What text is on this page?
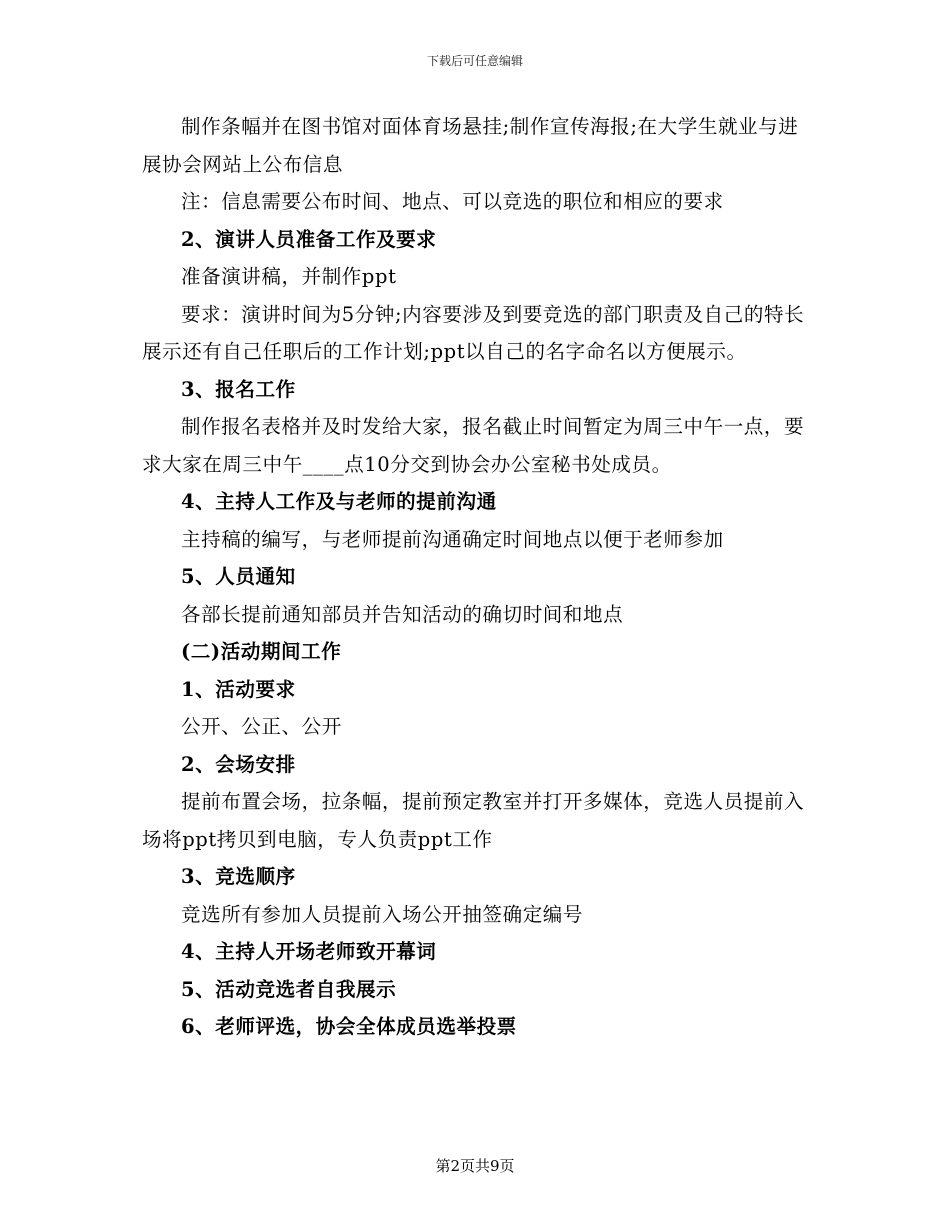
下载后可任意编辑

制作条幅并在图书馆对面体育场悬挂;制作宣传海报;在大学生就业与进展协会网站上公布信息

注：信息需要公布时间、地点、可以竞选的职位和相应的要求

2、演讲人员准备工作及要求

准备演讲稿，并制作ppt

要求：演讲时间为5分钟;内容要涉及到要竞选的部门职责及自己的特长展示还有自己任职后的工作计划;ppt以自己的名字命名以方便展示。

3、报名工作

制作报名表格并及时发给大家，报名截止时间暂定为周三中午一点，要求大家在周三中午____点10分交到协会办公室秘书处成员。

4、主持人工作及与老师的提前沟通

主持稿的编写，与老师提前沟通确定时间地点以便于老师参加

5、人员通知

各部长提前通知部员并告知活动的确切时间和地点

(二)活动期间工作

1、活动要求

公开、公正、公开

2、会场安排

提前布置会场，拉条幅，提前预定教室并打开多媒体，竞选人员提前入场将ppt拷贝到电脑，专人负责ppt工作

3、竞选顺序

竞选所有参加人员提前入场公开抽签确定编号

4、主持人开场老师致开幕词

5、活动竞选者自我展示

6、老师评选，协会全体成员选举投票

第2页共9页
